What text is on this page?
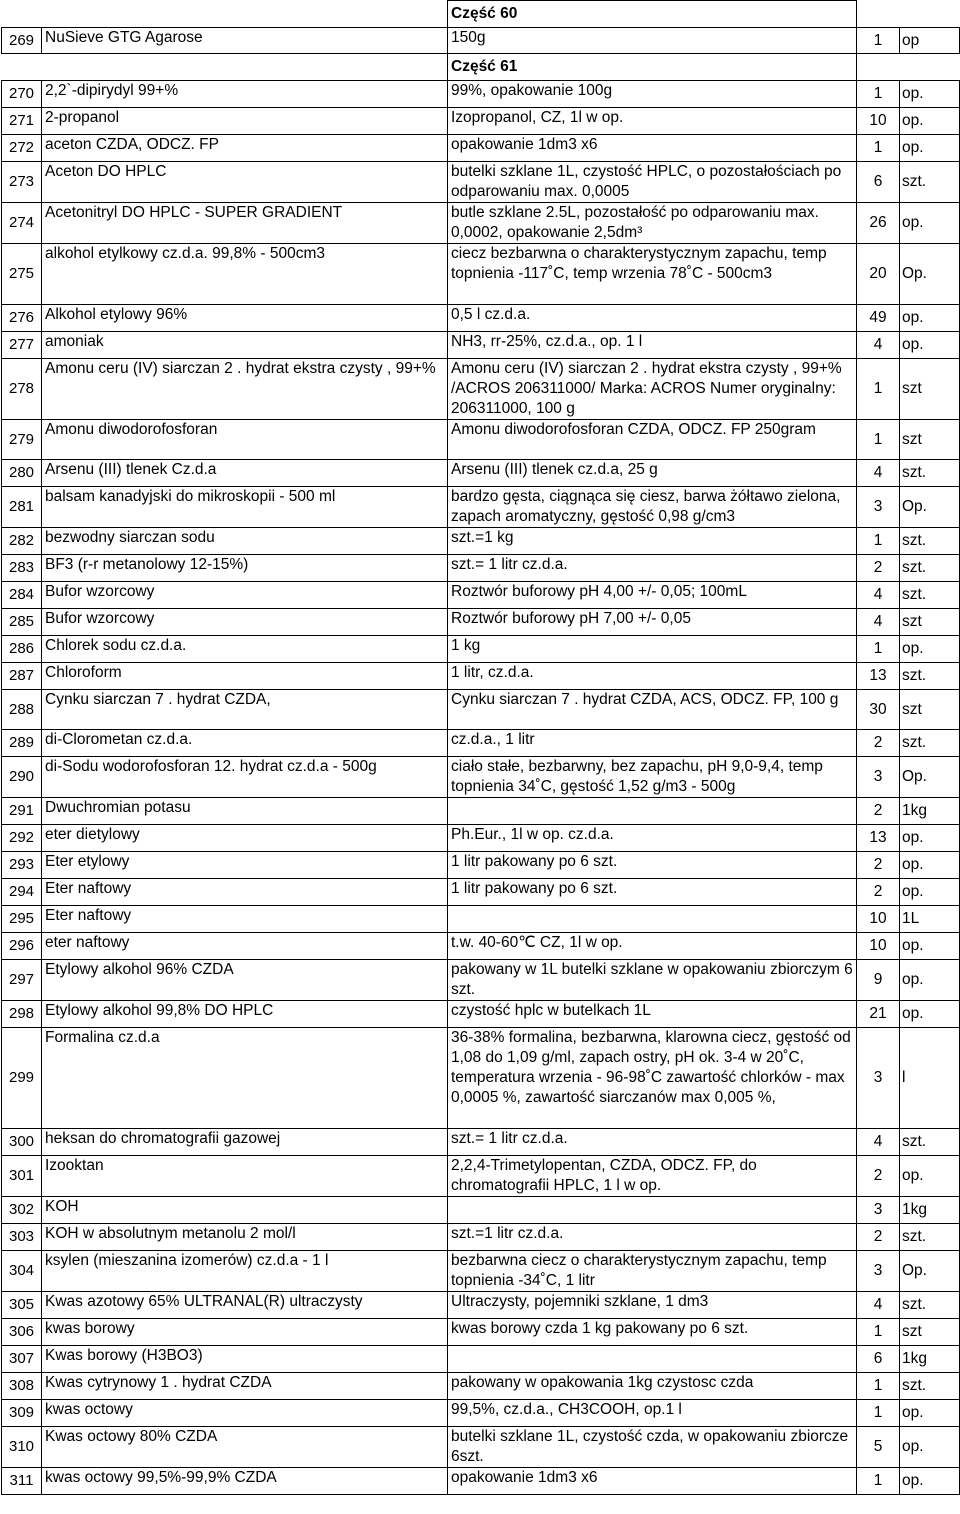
		Część 60		
269	NuSieve GTG Agarose	150g	1	op
		Część 61		
270	2,2`-dipirydyl 99+%	99%, opakowanie 100g	1	op.
271	2-propanol	Izopropanol, CZ, 1l w op.	10	op.
272	aceton CZDA, ODCZ. FP	opakowanie 1dm3 x6	1	op.
273	Aceton DO HPLC	butelki szklane 1L, czystość HPLC, o pozostałościach po odparowaniu max. 0,0005	6	szt.
274	Acetonitryl DO HPLC - SUPER GRADIENT	butle szklane 2.5L, pozostałość po odparowaniu max. 0,0002, opakowanie 2,5dm³	26	op.
275	alkohol etylkowy cz.d.a. 99,8% - 500cm3	ciecz bezbarwna o charakterystycznym zapachu, temp topnienia -117˚C, temp wrzenia 78˚C - 500cm3	20	Op.
276	Alkohol etylowy 96%	0,5 l cz.d.a.	49	op.
277	amoniak	NH3, rr-25%, cz.d.a., op. 1 l	4	op.
278	Amonu ceru (IV) siarczan 2 . hydrat ekstra czysty , 99+%	Amonu ceru (IV) siarczan 2 . hydrat ekstra czysty , 99+% /ACROS 206311000/ Marka: ACROS Numer oryginalny: 206311000, 100 g	1	szt
279	Amonu diwodorofosforan	Amonu diwodorofosforan CZDA, ODCZ. FP 250gram	1	szt
280	Arsenu (III) tlenek Cz.d.a	Arsenu (III) tlenek cz.d.a, 25 g	4	szt.
281	balsam kanadyjski do mikroskopii - 500 ml	bardzo gęsta, ciągnąca się ciesz, barwa żółtawo zielona, zapach aromatyczny, gęstość 0,98 g/cm3	3	Op.
282	bezwodny siarczan sodu	szt.=1 kg	1	szt.
283	BF3 (r-r metanolowy 12-15%)	szt.= 1 litr cz.d.a.	2	szt.
284	Bufor wzorcowy	Roztwór buforowy pH 4,00 +/- 0,05; 100mL	4	szt.
285	Bufor wzorcowy	Roztwór buforowy pH 7,00 +/- 0,05	4	szt
286	Chlorek sodu cz.d.a.	1 kg	1	op.
287	Chloroform	1 litr, cz.d.a.	13	szt.
288	Cynku siarczan 7 . hydrat CZDA,	Cynku siarczan 7 . hydrat CZDA, ACS, ODCZ. FP, 100 g	30	szt
289	di-Clorometan cz.d.a.	cz.d.a., 1 litr	2	szt.
290	di-Sodu wodorofosforan 12. hydrat cz.d.a - 500g	ciało stałe, bezbarwny, bez zapachu, pH 9,0-9,4, temp topnienia 34˚C, gęstość 1,52 g/m3 - 500g	3	Op.
291	Dwuchromian potasu		2	1kg
292	eter dietylowy	Ph.Eur., 1l w op. cz.d.a.	13	op.
293	Eter etylowy	1 litr pakowany po 6 szt.	2	op.
294	Eter naftowy	1 litr pakowany po 6 szt.	2	op.
295	Eter naftowy		10	1L
296	eter naftowy	t.w. 40-60℃ CZ, 1l w op.	10	op.
297	Etylowy alkohol 96% CZDA	pakowany w 1L butelki szklane w opakowaniu zbiorczym 6 szt.	9	op.
298	Etylowy alkohol 99,8% DO HPLC	czystość hplc w butelkach 1L	21	op.
299	Formalina cz.d.a	36-38% formalina, bezbarwna, klarowna ciecz, gęstość od 1,08 do 1,09 g/ml, zapach ostry, pH ok. 3-4 w 20˚C, temperatura wrzenia - 96-98˚C zawartość chlorków - max 0,0005 %, zawartość siarczanów max 0,005 %,	3	l
300	heksan do chromatografii gazowej	szt.= 1 litr cz.d.a.	4	szt.
301	Izooktan	2,2,4-Trimetylopentan, CZDA, ODCZ. FP, do chromatografii HPLC, 1 l w op.	2	op.
302	KOH		3	1kg
303	KOH w absolutnym metanolu 2 mol/l	szt.=1 litr cz.d.a.	2	szt.
304	ksylen (mieszanina izomerów) cz.d.a - 1 l	bezbarwna ciecz o charakterystycznym zapachu, temp topnienia -34˚C, 1 litr	3	Op.
305	Kwas azotowy 65% ULTRANAL(R) ultraczysty	Ultraczysty, pojemniki szklane, 1 dm3	4	szt.
306	kwas borowy	kwas borowy czda 1 kg pakowany po 6 szt.	1	szt
307	Kwas borowy (H3BO3)		6	1kg
308	Kwas cytrynowy 1 . hydrat CZDA	pakowany w opakowania 1kg czystosc czda	1	szt.
309	kwas octowy	99,5%, cz.d.a., CH3COOH, op.1 l	1	op.
310	Kwas octowy 80% CZDA	butelki szklane 1L, czystość czda, w opakowaniu zbiorcze 6szt.	5	op.
311	kwas octowy 99,5%-99,9% CZDA	opakowanie 1dm3 x6	1	op.
